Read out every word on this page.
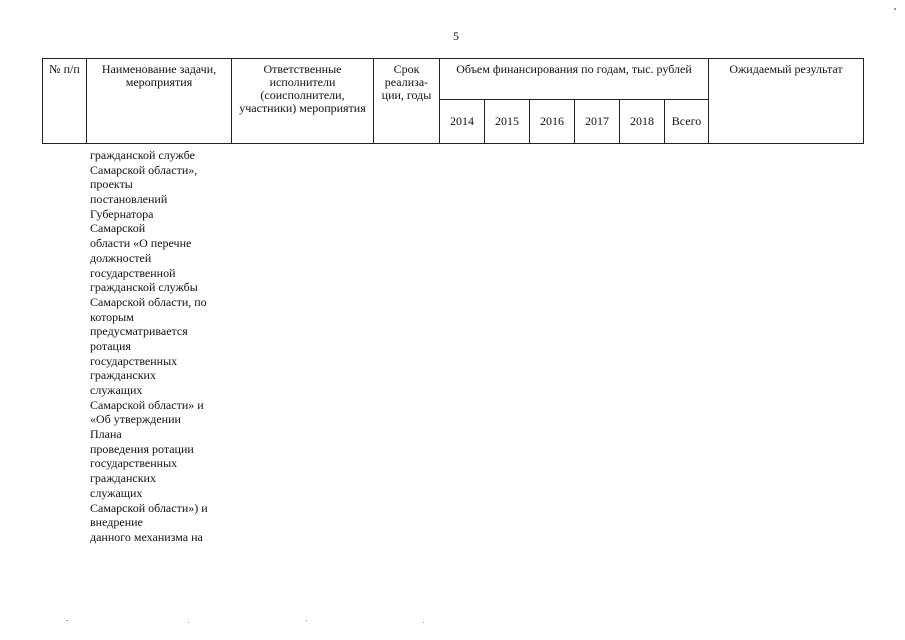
5
№ п/п	Наименование задачи, мероприятия	Ответственные исполнители (соисполнители, участники) мероприятия	Срок реализа-ции, годы	Объем финансирования по годам, тыс. рублей						Ожидаемый результат
				2014	2015	2016	2017	2018	Всего	
гражданской службе
Самарской области»,
проекты
постановлений
Губернатора
Самарской
области «О перечне
должностей
государственной
гражданской службы
Самарской области, по
которым
предусматривается
ротация
государственных
гражданских
служащих
Самарской области» и
«Об утверждении
Плана
проведения ротации
государственных
гражданских
служащих
Самарской области») и
внедрение
данного механизма на
